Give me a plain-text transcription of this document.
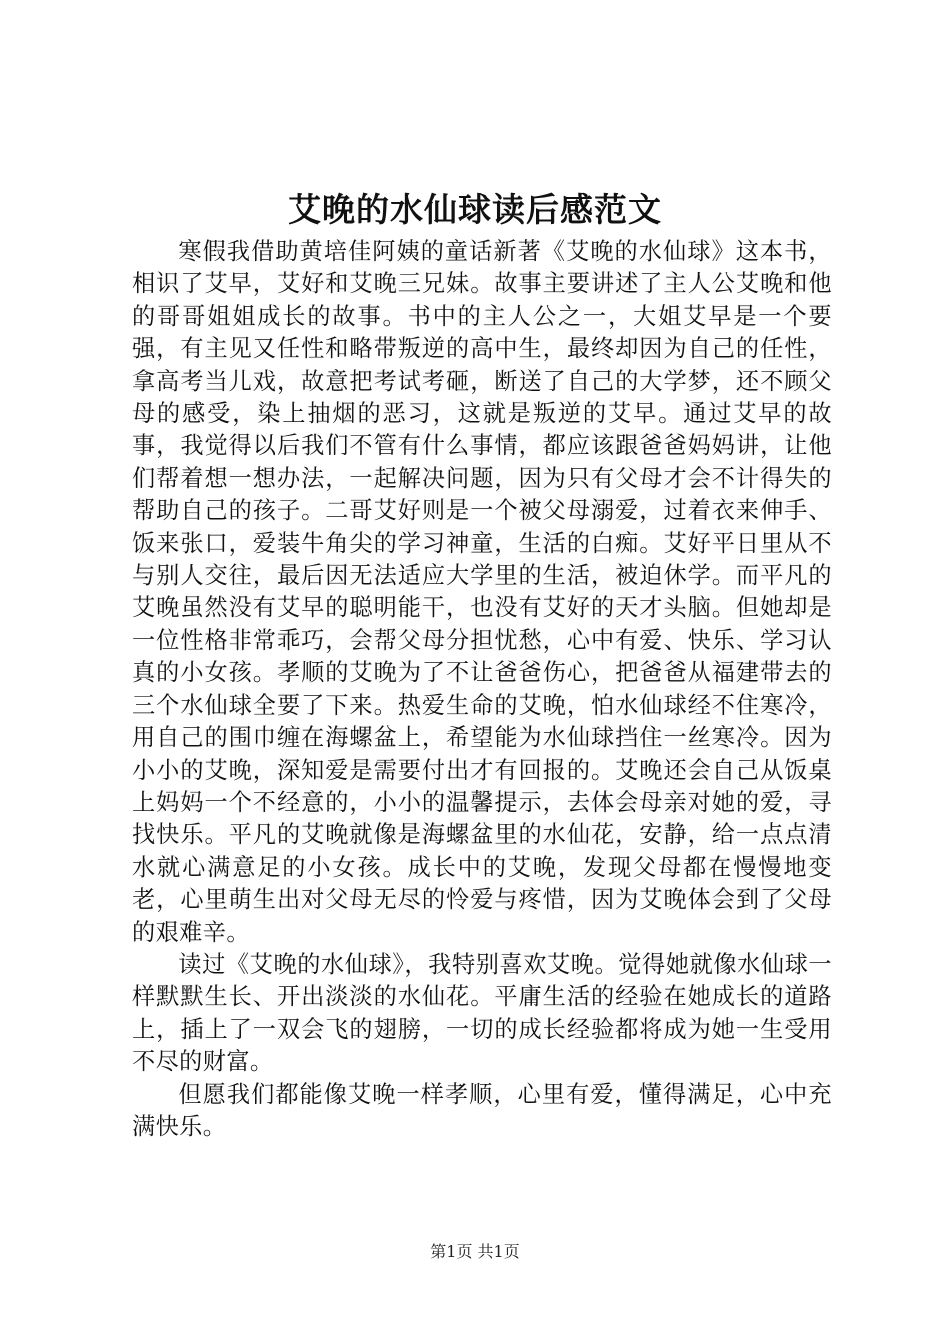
艾晚的水仙球读后感范文

寒假我借助黄培佳阿姨的童话新著《艾晚的水仙球》这本书，相识了艾早，艾好和艾晚三兄妹。故事主要讲述了主人公艾晚和他的哥哥姐姐成长的故事。书中的主人公之一，大姐艾早是一个要强，有主见又任性和略带叛逆的高中生，最终却因为自己的任性，拿高考当儿戏，故意把考试考砸，断送了自己的大学梦，还不顾父母的感受，染上抽烟的恶习，这就是叛逆的艾早。通过艾早的故事，我觉得以后我们不管有什么事情，都应该跟爸爸妈妈讲，让他们帮着想一想办法，一起解决问题，因为只有父母才会不计得失的帮助自己的孩子。二哥艾好则是一个被父母溺爱，过着衣来伸手、饭来张口，爱装牛角尖的学习神童，生活的白痴。艾好平日里从不与别人交往，最后因无法适应大学里的生活，被迫休学。而平凡的艾晚虽然没有艾早的聪明能干，也没有艾好的天才头脑。但她却是一位性格非常乖巧，会帮父母分担忧愁，心中有爱、快乐、学习认真的小女孩。孝顺的艾晚为了不让爸爸伤心，把爸爸从福建带去的三个水仙球全要了下来。热爱生命的艾晚，怕水仙球经不住寒冷，用自己的围巾缠在海螺盆上，希望能为水仙球挡住一丝寒冷。因为小小的艾晚，深知爱是需要付出才有回报的。艾晚还会自己从饭桌上妈妈一个不经意的，小小的温馨提示，去体会母亲对她的爱，寻找快乐。平凡的艾晚就像是海螺盆里的水仙花，安静，给一点点清水就心满意足的小女孩。成长中的艾晚，发现父母都在慢慢地变老，心里萌生出对父母无尽的怜爱与疼惜，因为艾晚体会到了父母的艰难辛。

读过《艾晚的水仙球》，我特别喜欢艾晚。觉得她就像水仙球一样默默生长、开出淡淡的水仙花。平庸生活的经验在她成长的道路上，插上了一双会飞的翅膀，一切的成长经验都将成为她一生受用不尽的财富。

但愿我们都能像艾晚一样孝顺，心里有爱，懂得满足，心中充满快乐。

第1页 共1页
